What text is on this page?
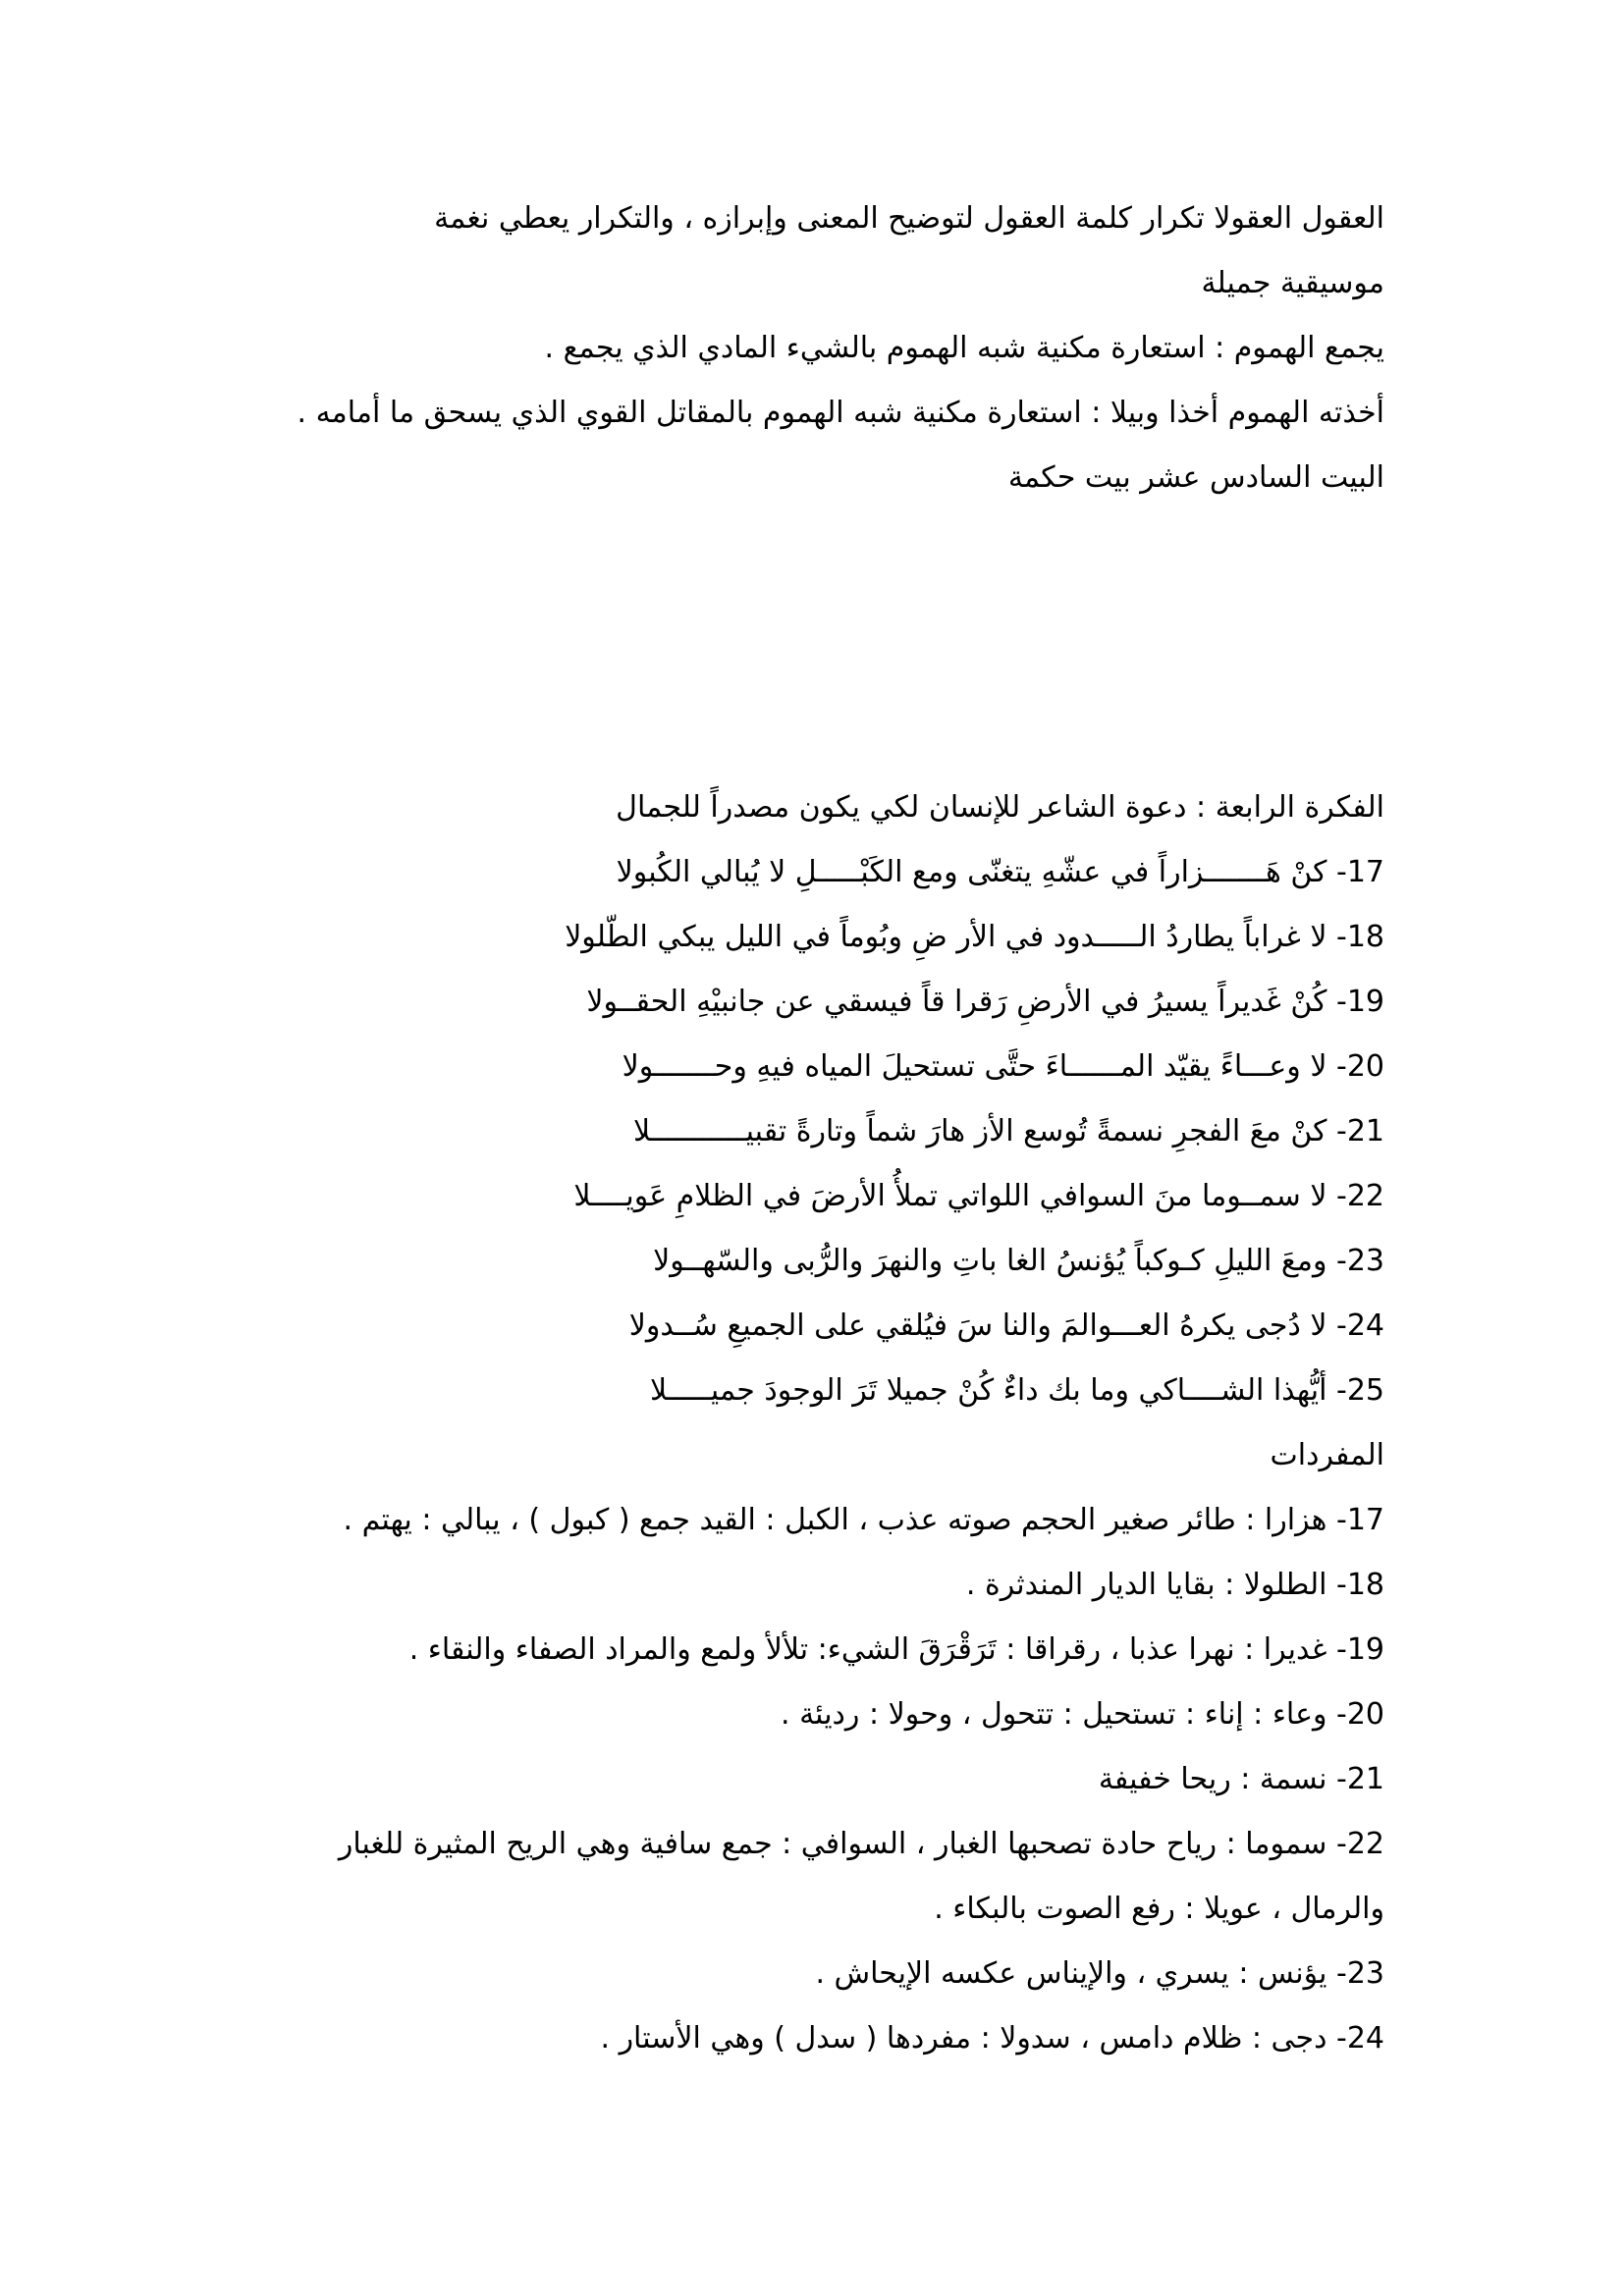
العقول العقولا تكرار كلمة العقول لتوضيح المعنى وإبرازه ، والتكرار يعطي نغمة موسيقية جميلة
يجمع الهموم : استعارة مكنية شبه الهموم بالشيء المادي الذي يجمع .
أخذته الهموم أخذا وبيلا : استعارة مكنية شبه الهموم بالمقاتل القوي الذي يسحق ما أمامه .
البيت السادس عشر بيت حكمة
الفكرة الرابعة : دعوة الشاعر للإنسان لكي يكون مصدراً للجمال
17- كنْ هَـــــــزاراً في عشّهِ يتغنّى ومع الكَبْـــــلِ لا يُبالي الكُبولا
18- لا غراباً يطاردُ الـــــدود في الأر ضِ وبُوماً في الليل يبكي الطّلولا
19- كُنْ غَديراً يسيرُ في الأرضِ رَقرا قاً فيسقي عن جانبيْهِ الحقــولا
20- لا وعـــاءً يقيّد المــــــاءَ حتَّى تستحيلَ المياه فيهِ وحـــــــولا
21- كنْ معَ الفجرِ نسمةً تُوسع الأز هارَ شماً وتارةً تقبيـــــــــــلا
22- لا سمــوما منَ السوافي اللواتي تملأُ الأرضَ في الظلامِ عَويــــلا
23- ومعَ الليلِ كـوكباً يُؤنسُ الغا باتِ والنهرَ والرُّبى والسّهــولا
24- لا دُجى يكرهُ العـــوالمَ والنا سَ فيُلقي على الجميعِ سُــدولا
25- أيُّهذا الشــــاكي وما بك داءٌ كُنْ جميلا تَرَ الوجودَ جميـــــلا
المفردات
17- هزارا : طائر صغير الحجم صوته عذب ، الكبل : القيد جمع ( كبول ) ، يبالي : يهتم .
18- الطلولا : بقايا الديار المندثرة .
19- غديرا : نهرا عذبا ، رقراقا : تَرَقْرَقَ الشيء: تلألأ ولمع والمراد الصفاء والنقاء .
20- وعاء : إناء : تستحيل : تتحول ، وحولا : رديئة .
21- نسمة : ريحا خفيفة
22- سموما : رياح حادة تصحبها الغبار ، السوافي : جمع سافية وهي الريح المثيرة للغبار والرمال ، عويلا : رفع الصوت بالبكاء .
23- يؤنس : يسري ، والإيناس عكسه الإيحاش .
24- دجى : ظلام دامس ، سدولا : مفردها ( سدل ) وهي الأستار .
